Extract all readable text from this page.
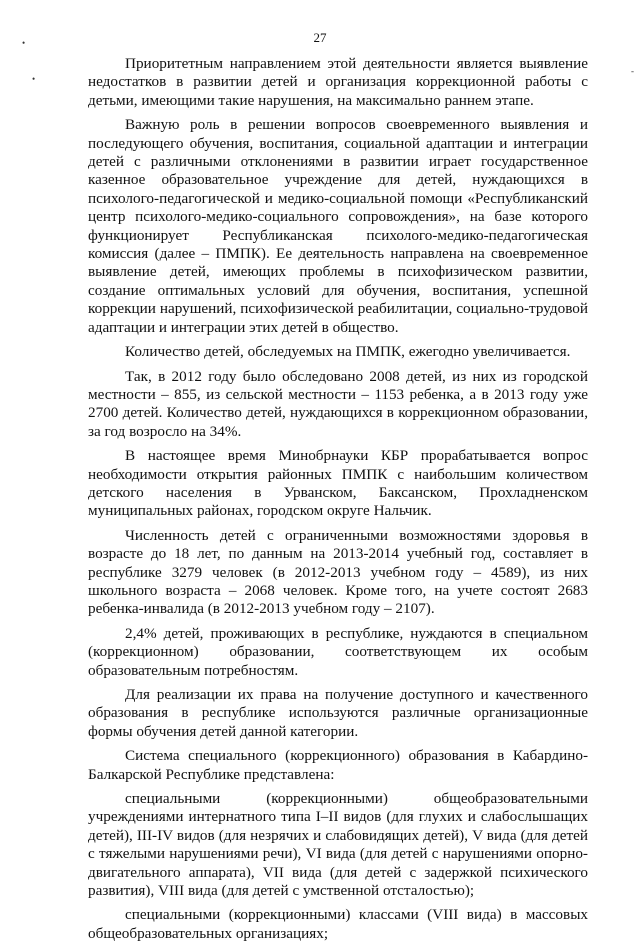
•
•
-
27

Приоритетным направлением этой деятельности является выявление недостатков в развитии детей и организация коррекционной работы с детьми, имеющими такие нарушения, на максимально раннем этапе.

Важную роль в решении вопросов своевременного выявления и последующего обучения, воспитания, социальной адаптации и интеграции детей с различными отклонениями в развитии играет государственное казенное образовательное учреждение для детей, нуждающихся в психолого-педагогической и медико-социальной помощи «Республиканский центр психолого-медико-социального сопровождения», на базе которого функционирует Республиканская психолого-медико-педагогическая комиссия (далее – ПМПК). Ее деятельность направлена на своевременное выявление детей, имеющих проблемы в психофизическом развитии, создание оптимальных условий для обучения, воспитания, успешной коррекции нарушений, психофизической реабилитации, социально-трудовой адаптации и интеграции этих детей в общество.

Количество детей, обследуемых на ПМПК, ежегодно увеличивается.

Так, в 2012 году было обследовано 2008 детей, из них из городской местности – 855, из сельской местности – 1153 ребенка, а в 2013 году уже 2700 детей. Количество детей, нуждающихся в коррекционном образовании, за год возросло на 34%.

В настоящее время Минобрнауки КБР прорабатывается вопрос необходимости открытия районных ПМПК с наибольшим количеством детского населения в Урванском, Баксанском, Прохладненском муниципальных районах, городском округе Нальчик.

Численность детей с ограниченными возможностями здоровья в возрасте до 18 лет, по данным на 2013-2014 учебный год, составляет в республике 3279 человек (в 2012-2013 учебном году – 4589), из них школьного возраста – 2068 человек. Кроме того, на учете состоят 2683 ребенка-инвалида (в 2012-2013 учебном году – 2107).

2,4% детей, проживающих в республике, нуждаются в специальном (коррекционном) образовании, соответствующем их особым образовательным потребностям.

Для реализации их права на получение доступного и качественного образования в республике используются различные организационные формы обучения детей данной категории.

Система специального (коррекционного) образования в Кабардино-Балкарской Республике представлена:

специальными (коррекционными) общеобразовательными учреждениями интернатного типа I–II видов (для глухих и слабослышащих детей), III-IV видов (для незрячих и слабовидящих детей), V вида (для детей с тяжелыми нарушениями речи), VI вида (для детей с нарушениями опорно-двигательного аппарата), VII вида (для детей с задержкой психического развития), VIII вида (для детей с умственной отсталостью);

специальными (коррекционными) классами (VIII вида) в массовых общеобразовательных организациях;
